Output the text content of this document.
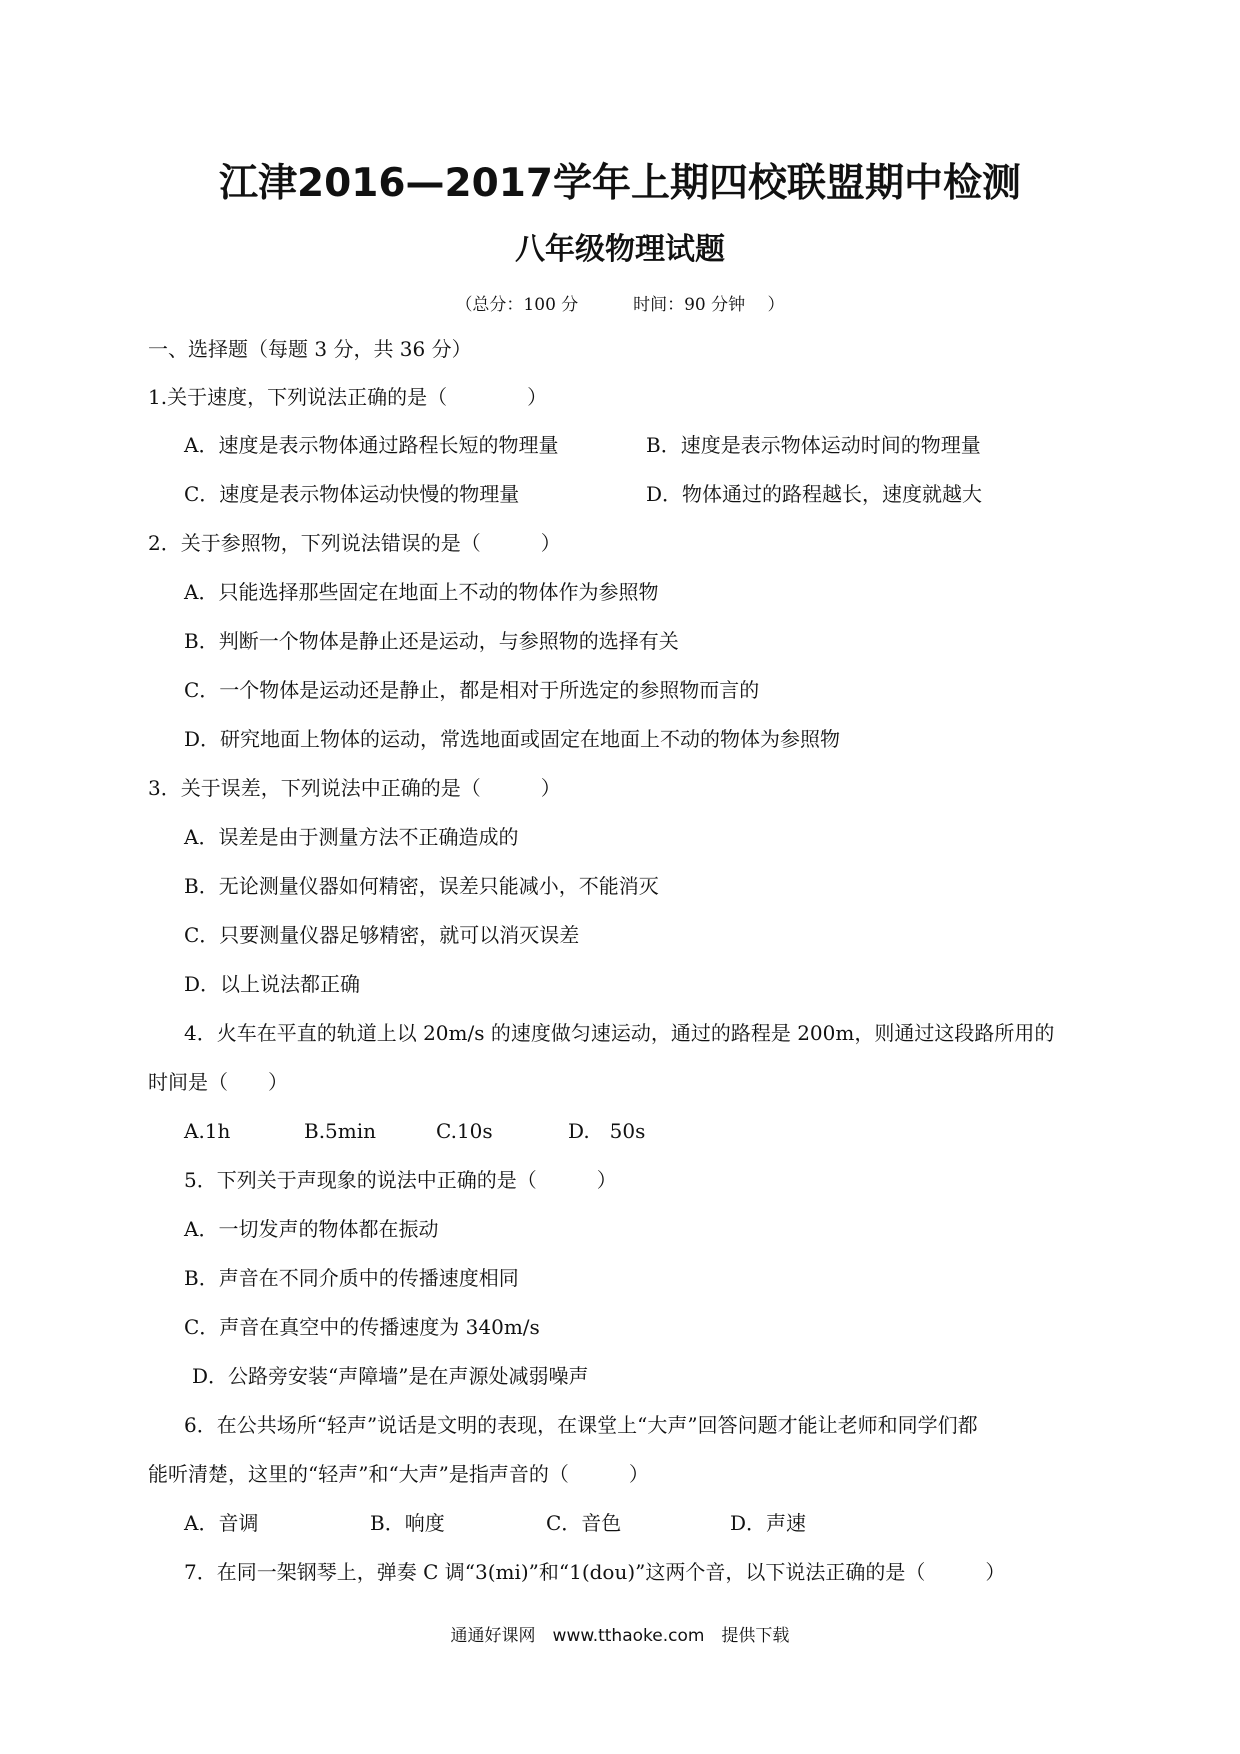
江津2016—2017学年上期四校联盟期中检测
八年级物理试题
（总分：100 分	时间：90 分钟　 ）
一、选择题（每题 3 分，共 36 分）
1.关于速度，下列说法正确的是（　　　　）
A．速度是表示物体通过路程长短的物理量	B．速度是表示物体运动时间的物理量
C．速度是表示物体运动快慢的物理量	D．物体通过的路程越长，速度就越大
2．关于参照物，下列说法错误的是（　　　）
A．只能选择那些固定在地面上不动的物体作为参照物
B．判断一个物体是静止还是运动，与参照物的选择有关
C．一个物体是运动还是静止，都是相对于所选定的参照物而言的
D．研究地面上物体的运动，常选地面或固定在地面上不动的物体为参照物
3．关于误差，下列说法中正确的是（　　　）
A．误差是由于测量方法不正确造成的
B．无论测量仪器如何精密，误差只能减小，不能消灭
C．只要测量仪器足够精密，就可以消灭误差
D．以上说法都正确
4．火车在平直的轨道上以 20m/s 的速度做匀速运动，通过的路程是 200m，则通过这段路所用的
时间是（　　）
A.1h	B.5min	C.10s	D.　50s
5．下列关于声现象的说法中正确的是（　　　）
A．一切发声的物体都在振动
B．声音在不同介质中的传播速度相同
C．声音在真空中的传播速度为 340m/s
D．公路旁安装“声障墙”是在声源处减弱噪声
6．在公共场所“轻声”说话是文明的表现，在课堂上“大声”回答问题才能让老师和同学们都
能听清楚，这里的“轻声”和“大声”是指声音的（　　　）
A．音调	B．响度	C．音色	D．声速
7．在同一架钢琴上，弹奏 C 调“3(mi)”和“1(dou)”这两个音，以下说法正确的是（　　　）
通通好课网　www.tthaoke.com　提供下载
